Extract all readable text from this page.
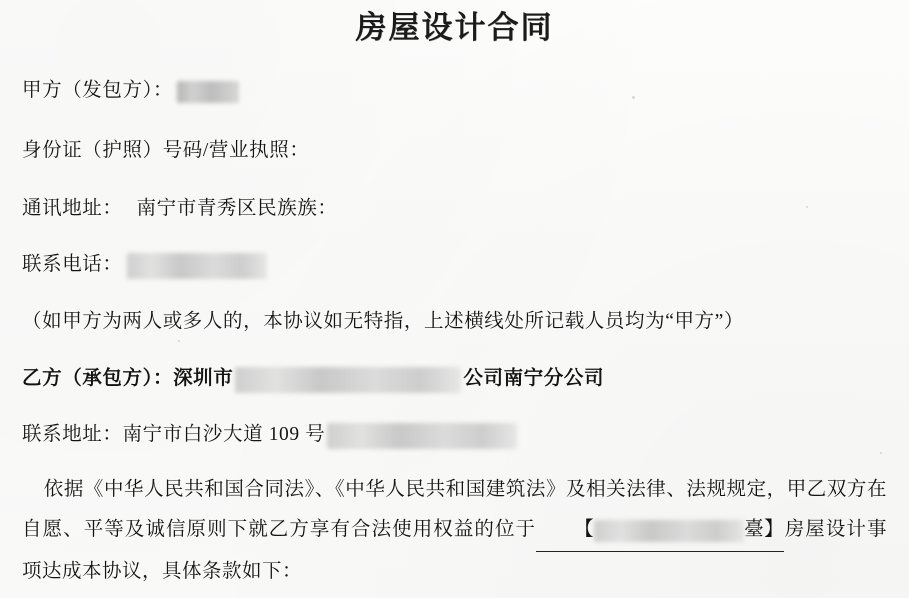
房屋设计合同
甲方（发包方）：
身份证（护照）号码/营业执照：
通讯地址： 南宁市青秀区民族族：
联系电话：
（如甲方为两人或多人的，本协议如无特指，上述横线处所记载人员均为“甲方”）
乙方（承包方）：深圳市	公司南宁分公司
联系地址：南宁市白沙大道 109 号
依据《中华人民共和国合同法》、《中华人民共和国建筑法》及相关法律、法规规定，甲乙双方在自愿、平等及诚信原则下就乙方享有合法使用权益的位于 【	臺】房屋设计事项达成本协议，具体条款如下：
